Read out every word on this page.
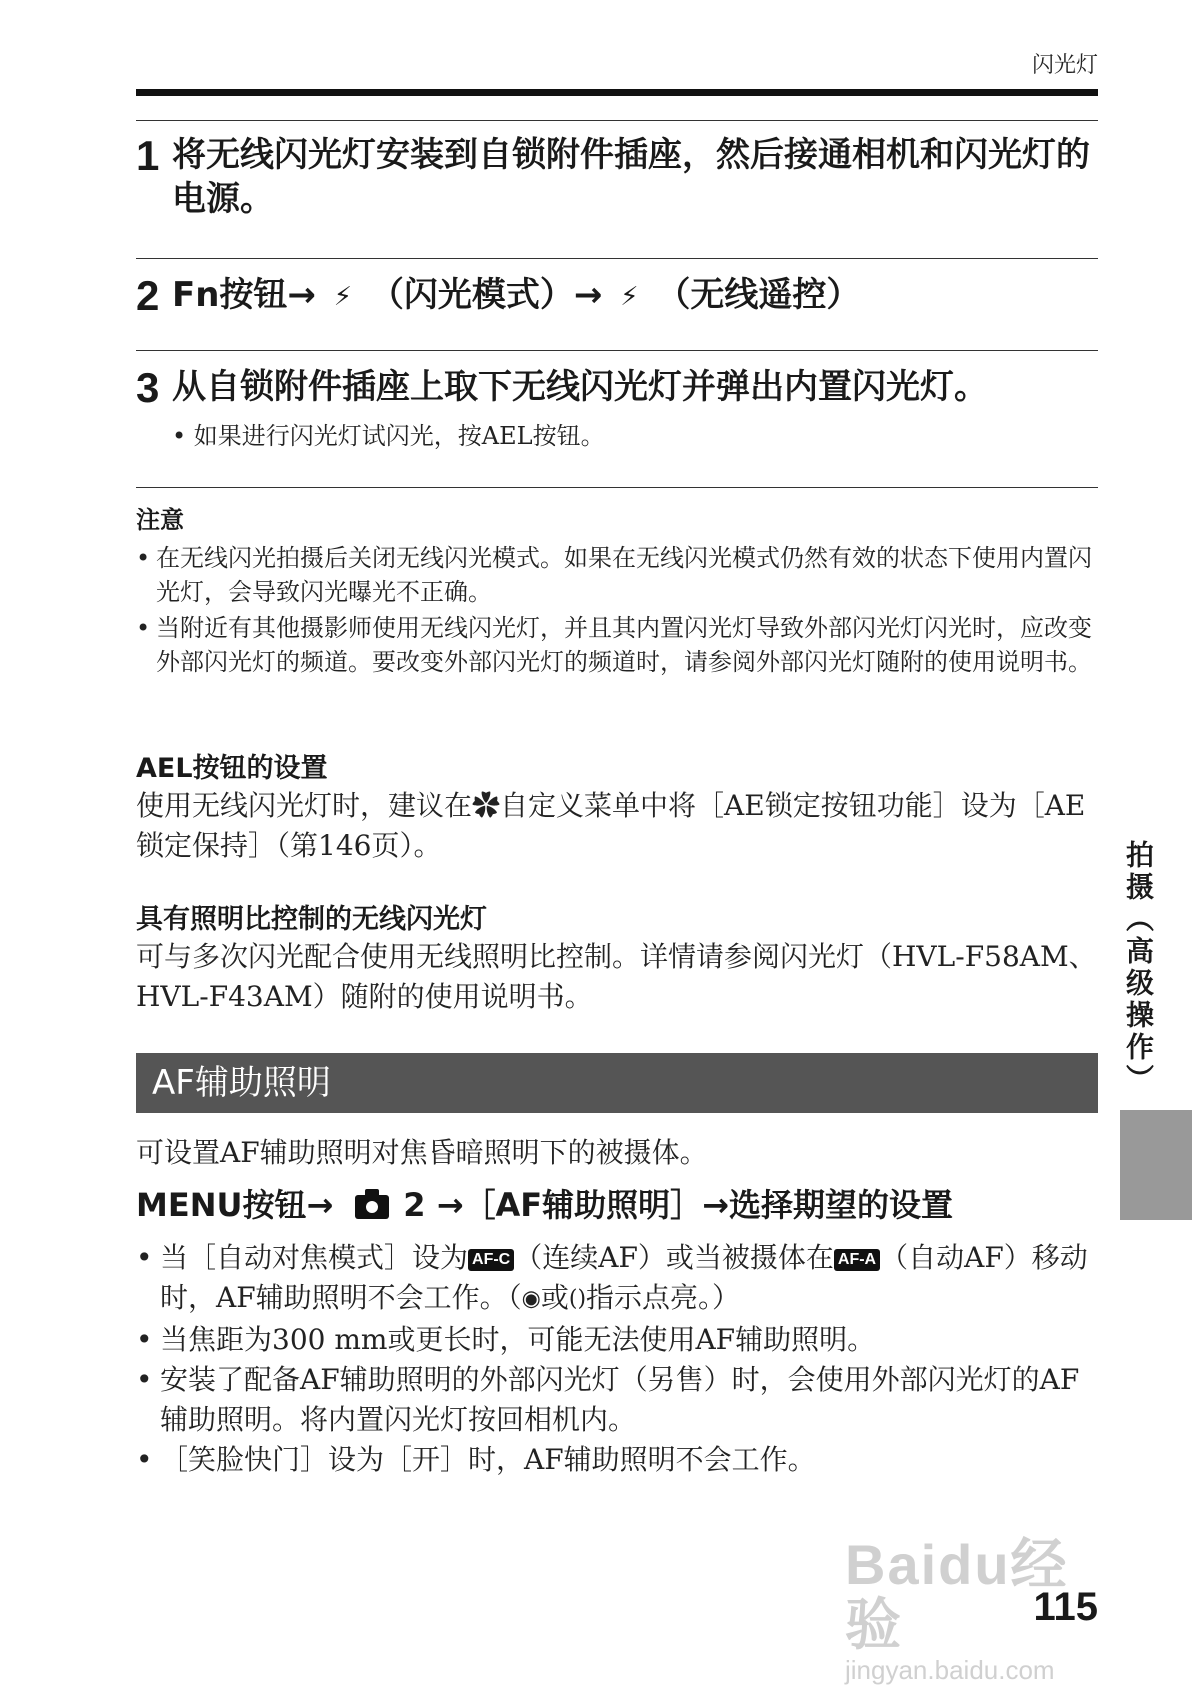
闪光灯
1 将无线闪光灯安装到自锁附件插座，然后接通相机和闪光灯的电源。
2 Fn按钮→ ⚡ （闪光模式）→ ⚡ （无线遥控）
3 从自锁附件插座上取下无线闪光灯并弹出内置闪光灯。
• 如果进行闪光灯试闪光，按AEL按钮。
注意
• 在无线闪光拍摄后关闭无线闪光模式。如果在无线闪光模式仍然有效的状态下使用内置闪光灯，会导致闪光曝光不正确。
• 当附近有其他摄影师使用无线闪光灯，并且其内置闪光灯导致外部闪光灯闪光时，应改变外部闪光灯的频道。要改变外部闪光灯的频道时，请参阅外部闪光灯随附的使用说明书。
AEL按钮的设置
使用无线闪光灯时，建议在✿自定义菜单中将［AE锁定按钮功能］设为［AE锁定保持］（第146页）。
具有照明比控制的无线闪光灯
可与多次闪光配合使用无线照明比控制。详情请参阅闪光灯（HVL-F58AM、HVL-F43AM）随附的使用说明书。
AF辅助照明
可设置AF辅助照明对焦昏暗照明下的被摄体。
MENU按钮→ 2 →［AF辅助照明］→选择期望的设置
• 当［自动对焦模式］设为 AF-C （连续AF）或当被摄体在 AF-A （自动AF）移动时，AF辅助照明不会工作。（◉或()指示点亮。）
• 当焦距为300 mm或更长时，可能无法使用AF辅助照明。
• 安装了配备AF辅助照明的外部闪光灯（另售）时，会使用外部闪光灯的AF辅助照明。将内置闪光灯按回相机内。
• ［笑脸快门］设为［开］时，AF辅助照明不会工作。
拍摄（高级操作）
Baidu经验
jingyan.baidu.com
115
